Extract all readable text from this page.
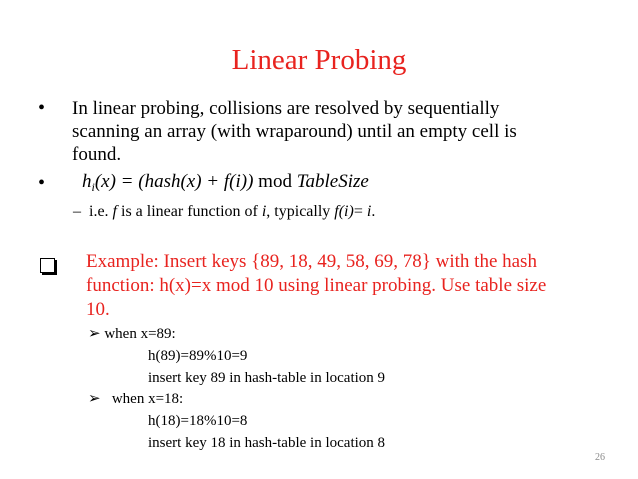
Linear Probing
• In linear probing, collisions are resolved by sequentially
scanning an array (with wraparound) until an empty cell is
found.
• $h_i(x)$ = (hash(x) + f(i)) mod TableSize
– i.e. f is a linear function of i, typically f(i)= i.
Example: Insert keys {89, 18, 49, 58, 69, 78} with the hash
function: h(x)=x mod 10 using linear probing. Use table size
10.
➢ when x=89:
h(89)=89%10=9
insert key 89 in hash-table in location 9
➢ when x=18:
h(18)=18%10=8
insert key 18 in hash-table in location 8
26
